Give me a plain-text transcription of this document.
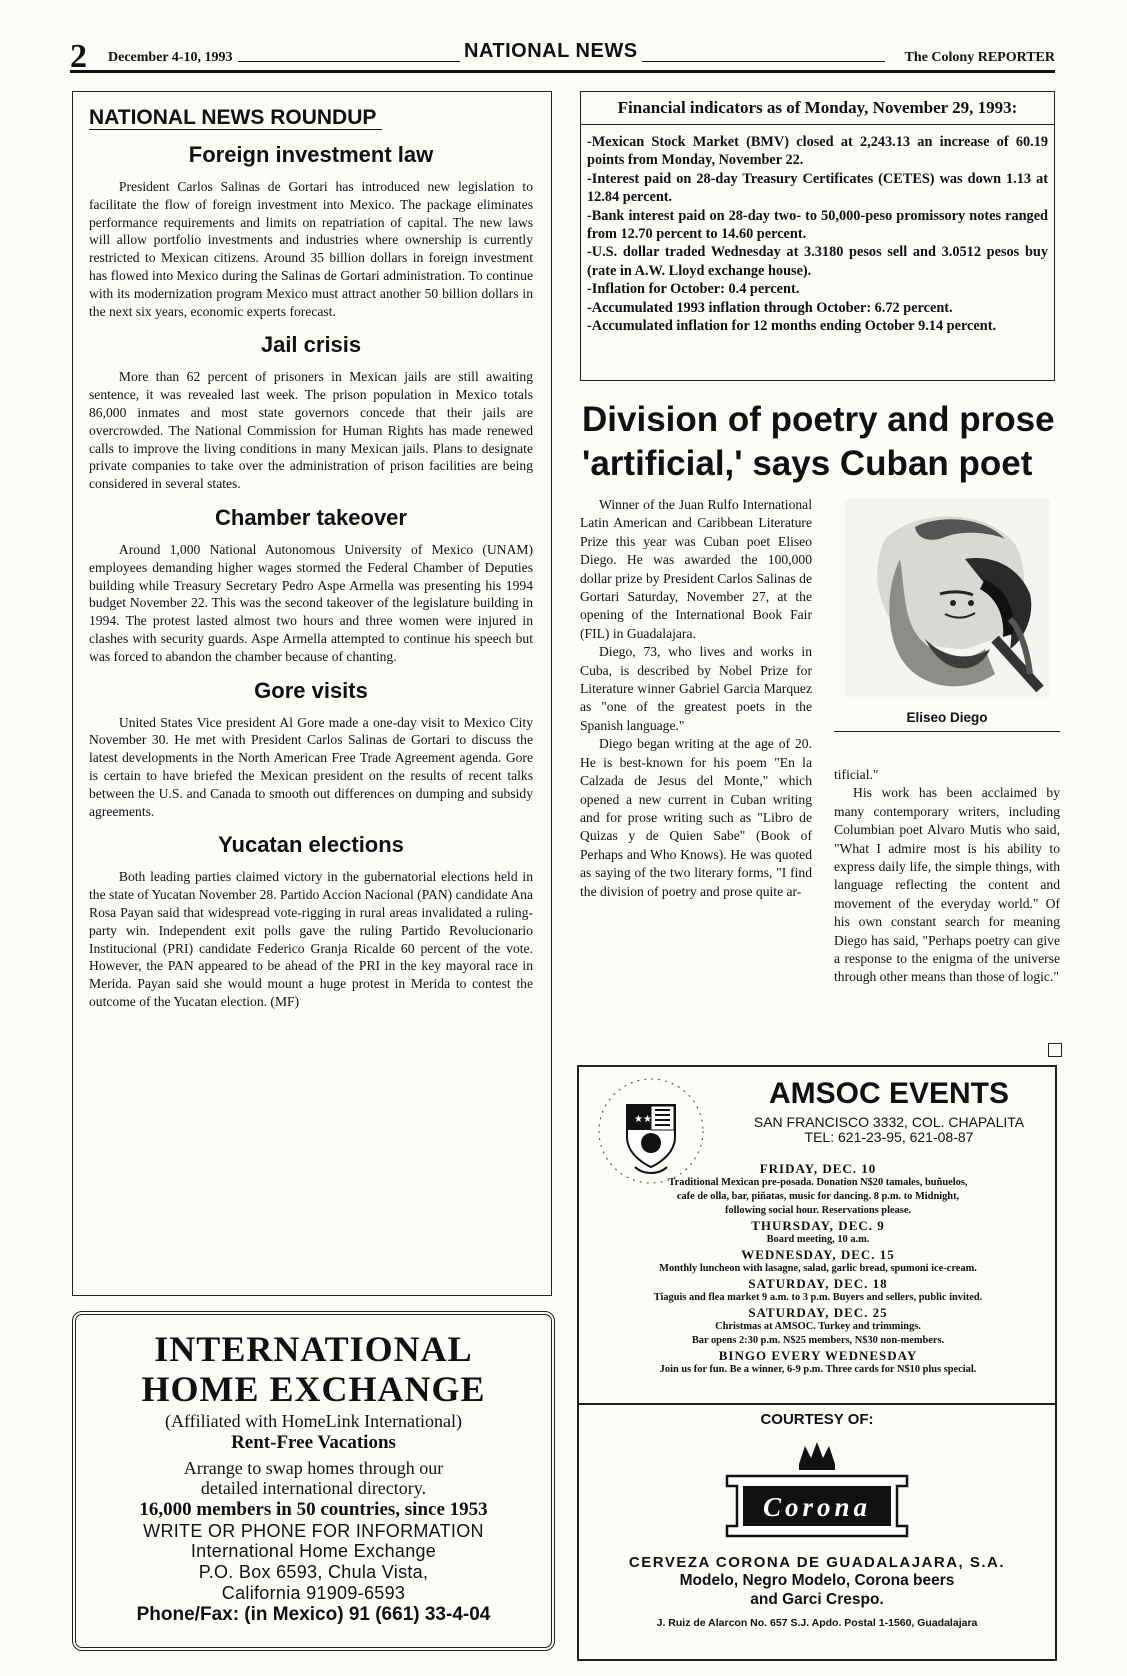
2 December 4-10, 1993	NATIONAL NEWS	The Colony REPORTER
NATIONAL NEWS ROUNDUP
Foreign investment law

President Carlos Salinas de Gortari has introduced new legislation to facilitate the flow of foreign investment into Mexico. The package eliminates performance requirements and limits on repatriation of capital. The new laws will allow portfolio investments and industries where ownership is currently restricted to Mexican citizens. Around 35 billion dollars in foreign investment has flowed into Mexico during the Salinas de Gortari administration. To continue with its modernization program Mexico must attract another 50 billion dollars in the next six years, economic experts forecast.

Jail crisis

More than 62 percent of prisoners in Mexican jails are still awaiting sentence, it was revealed last week. The prison population in Mexico totals 86,000 inmates and most state governors concede that their jails are overcrowded. The National Commission for Human Rights has made renewed calls to improve the living conditions in many Mexican jails. Plans to designate private companies to take over the administration of prison facilities are being considered in several states.

Chamber takeover

Around 1,000 National Autonomous University of Mexico (UNAM) employees demanding higher wages stormed the Federal Chamber of Deputies building while Treasury Secretary Pedro Aspe Armella was presenting his 1994 budget November 22. This was the second takeover of the legislature building in 1994. The protest lasted almost two hours and three women were injured in clashes with security guards. Aspe Armella attempted to continue his speech but was forced to abandon the chamber because of chanting.

Gore visits

United States Vice president Al Gore made a one-day visit to Mexico City November 30. He met with President Carlos Salinas de Gortari to discuss the latest developments in the North American Free Trade Agreement agenda. Gore is certain to have briefed the Mexican president on the results of recent talks between the U.S. and Canada to smooth out differences on dumping and subsidy agreements.

Yucatan elections

Both leading parties claimed victory in the gubernatorial elections held in the state of Yucatan November 28. Partido Accion Nacional (PAN) candidate Ana Rosa Payan said that widespread vote-rigging in rural areas invalidated a ruling-party win. Independent exit polls gave the ruling Partido Revolucionario Institucional (PRI) candidate Federico Granja Ricalde 60 percent of the vote. However, the PAN appeared to be ahead of the PRI in the key mayoral race in Merida. Payan said she would mount a huge protest in Merida to contest the outcome of the Yucatan election. (MF)

INTERNATIONAL
HOME EXCHANGE
(Affiliated with HomeLink International)
Rent-Free Vacations
Arrange to swap homes through our
detailed international directory.
16,000 members in 50 countries, since 1953
WRITE OR PHONE FOR INFORMATION
International Home Exchange
P.O. Box 6593, Chula Vista,
California 91909-6593
Phone/Fax: (in Mexico) 91 (661) 33-4-04
Financial indicators as of Monday, November 29, 1993:

-Mexican Stock Market (BMV) closed at 2,243.13 an increase of 60.19 points from Monday, November 22.

-Interest paid on 28-day Treasury Certificates (CETES) was down 1.13 at 12.84 percent.

-Bank interest paid on 28-day two- to 50,000-peso promissory notes ranged from 12.70 percent to 14.60 percent.

-U.S. dollar traded Wednesday at 3.3180 pesos sell and 3.0512 pesos buy (rate in A.W. Lloyd exchange house).

-Inflation for October: 0.4 percent.

-Accumulated 1993 inflation through October: 6.72 percent.

-Accumulated inflation for 12 months ending October 9.14 percent.

Division of poetry and prose
'artificial,' says Cuban poet

Winner of the Juan Rulfo International Latin American and Caribbean Literature Prize this year was Cuban poet Eliseo Diego. He was awarded the 100,000 dollar prize by President Carlos Salinas de Gortari Saturday, November 27, at the opening of the International Book Fair (FIL) in Guadalajara.

Diego, 73, who lives and works in Cuba, is described by Nobel Prize for Literature winner Gabriel Garcia Marquez as "one of the greatest poets in the Spanish language."

Diego began writing at the age of 20. He is best-known for his poem "En la Calzada de Jesus del Monte," which opened a new current in Cuban writing and for prose writing such as "Libro de Quizas y de Quien Sabe" (Book of Perhaps and Who Knows). He was quoted as saying of the two literary forms, "I find the division of poetry and prose quite ar-

Eliseo Diego
tificial."

His work has been acclaimed by many contemporary writers, including Columbian poet Alvaro Mutis who said, "What I admire most is his ability to express daily life, the simple things, with language reflecting the content and movement of the everyday world." Of his own constant search for meaning Diego has said, "Perhaps poetry can give a response to the enigma of the universe through other means than those of logic."

★★
AMSOC EVENTS
SAN FRANCISCO 3332, COL. CHAPALITA
TEL: 621-23-95, 621-08-87
FRIDAY, DEC. 10
Traditional Mexican pre-posada. Donation N$20 tamales, buñuelos,
cafe de olla, bar, piñatas, music for dancing. 8 p.m. to Midnight,
following social hour. Reservations please.
THURSDAY, DEC. 9
Board meeting, 10 a.m.
WEDNESDAY, DEC. 15
Monthly luncheon with lasagne, salad, garlic bread, spumoni ice-cream.
SATURDAY, DEC. 18
Tiaguis and flea market 9 a.m. to 3 p.m. Buyers and sellers, public invited.
SATURDAY, DEC. 25
Christmas at AMSOC. Turkey and trimmings.
Bar opens 2:30 p.m. N$25 members, N$30 non-members.
BINGO EVERY WEDNESDAY
Join us for fun. Be a winner, 6-9 p.m. Three cards for N$10 plus special.
COURTESY OF:
Corona
CERVEZA CORONA DE GUADALAJARA, S.A.
Modelo, Negro Modelo, Corona beers
and Garci Crespo.
J. Ruiz de Alarcon No. 657 S.J. Apdo. Postal 1-1560, Guadalajara
